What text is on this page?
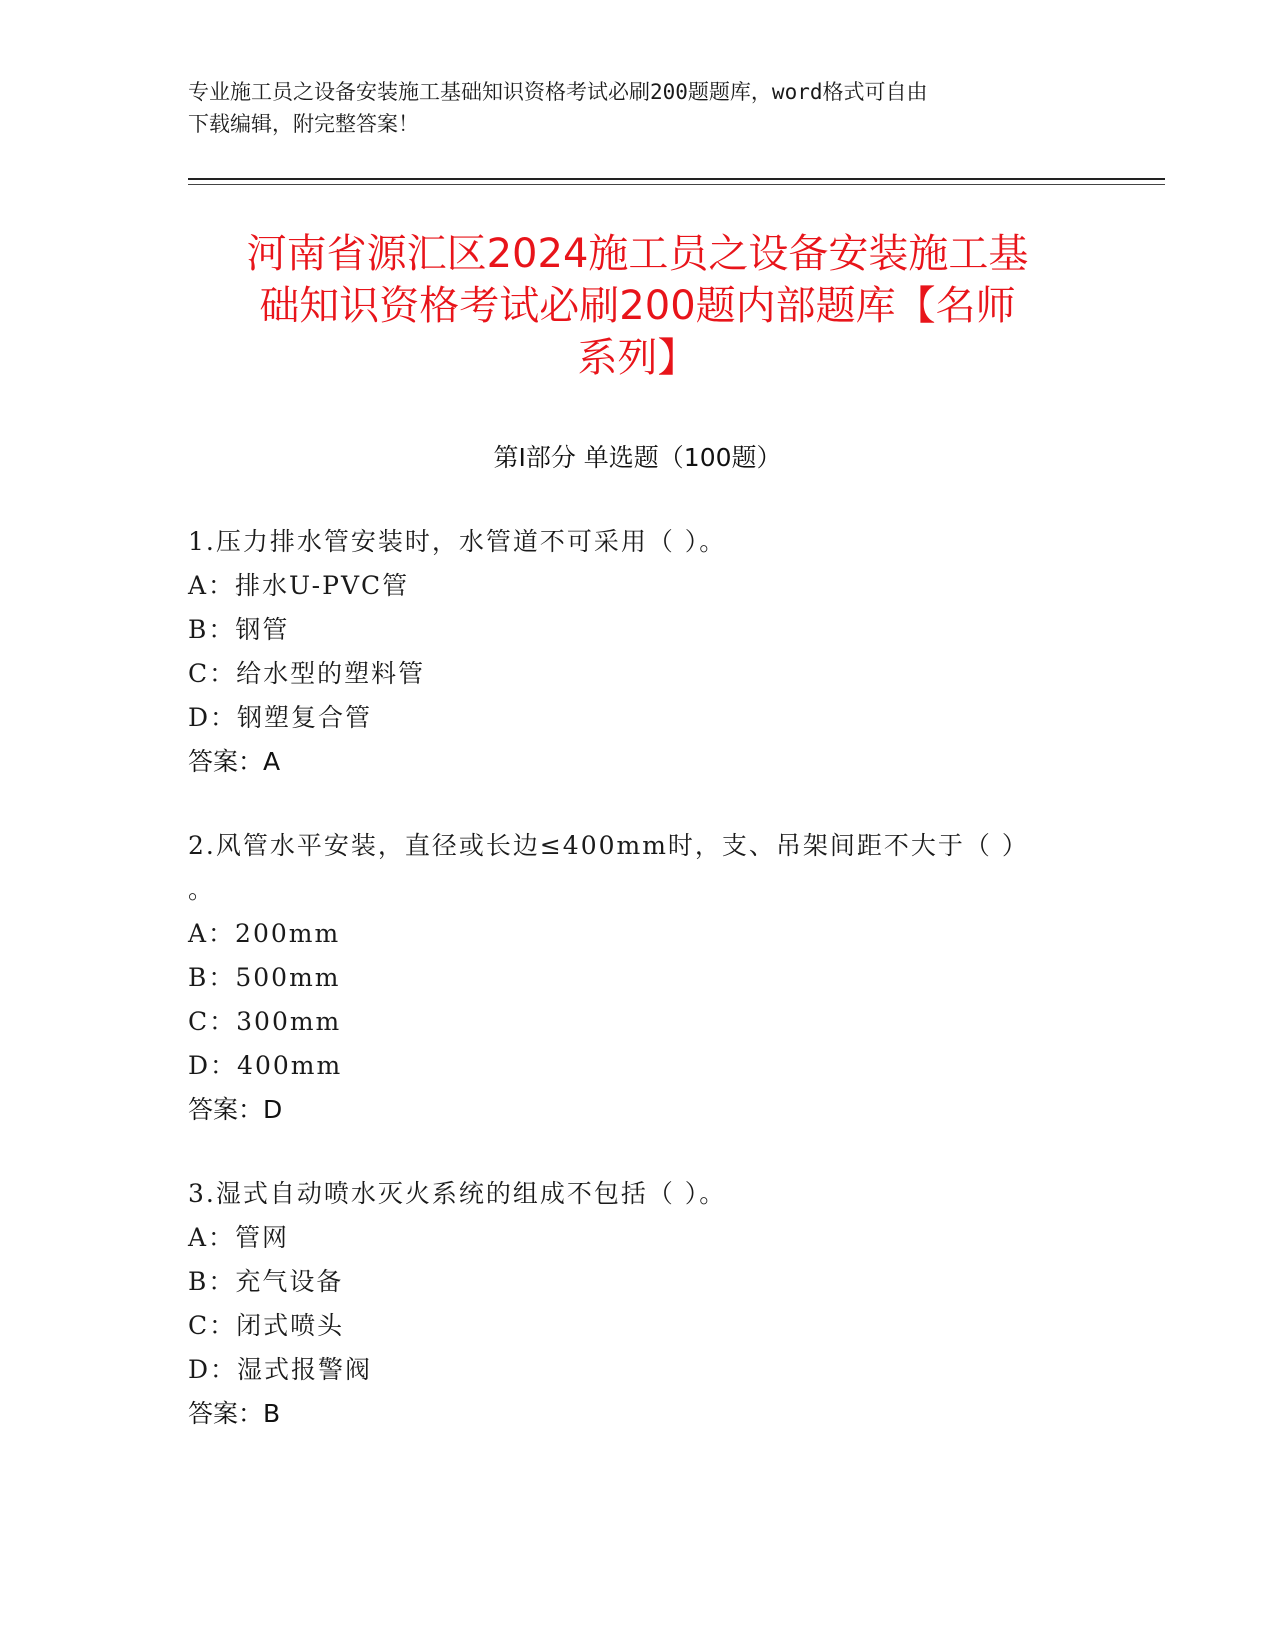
专业施工员之设备安装施工基础知识资格考试必刷200题题库，word格式可自由
下载编辑，附完整答案！
河南省源汇区2024施工员之设备安装施工基
础知识资格考试必刷200题内部题库【名师
系列】
第Ⅰ部分 单选题（100题）
1.压力排水管安装时，水管道不可采用（ ）。
A：排水U-PVC管
B：钢管
C：给水型的塑料管
D：钢塑复合管
答案：A
2.风管水平安装，直径或长边≤400mm时，支、吊架间距不大于（ ）
。
A：200mm
B：500mm
C：300mm
D：400mm
答案：D
3.湿式自动喷水灭火系统的组成不包括（ ）。
A：管网
B：充气设备
C：闭式喷头
D：湿式报警阀
答案：B
